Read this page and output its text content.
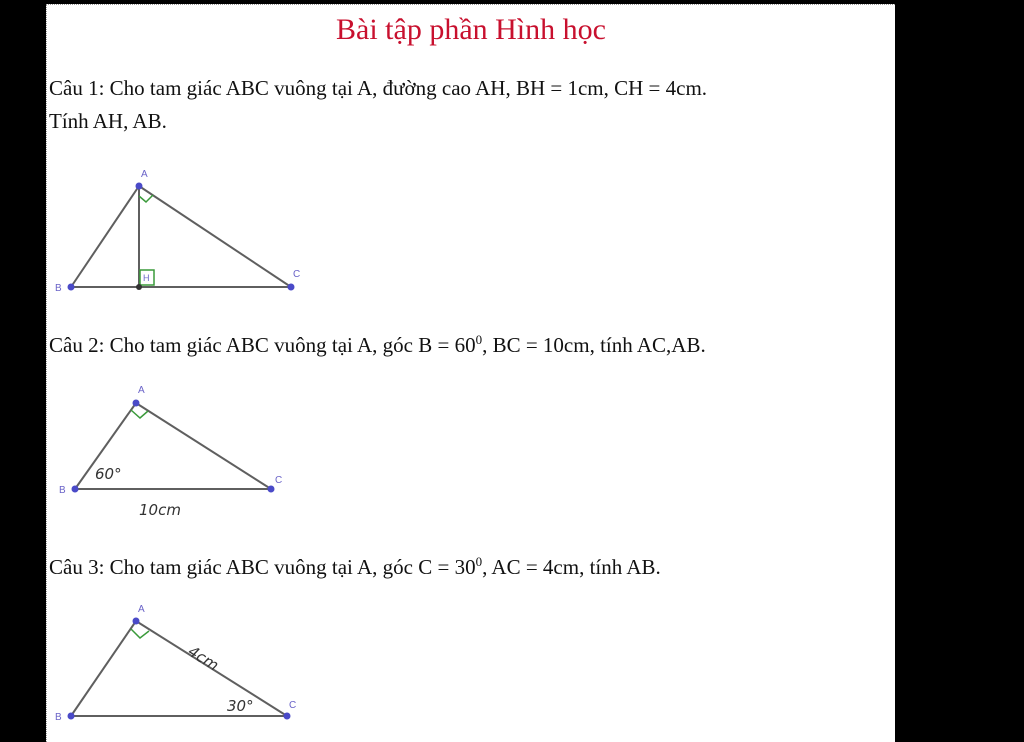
Bài tập phần Hình học
Câu 1: Cho tam giác ABC vuông tại A, đường cao AH, BH = 1cm, CH = 4cm.
Tính AH, AB.
A
B
C
H
Câu 2: Cho tam giác ABC vuông tại A, góc $B = 60^0$, BC = 10cm, tính AC,AB.
A
B
C
60°
10cm
Câu 3: Cho tam giác ABC vuông tại A, góc $C = 30^0$, AC = 4cm, tính AB.
A
B
C
4cm
30°
